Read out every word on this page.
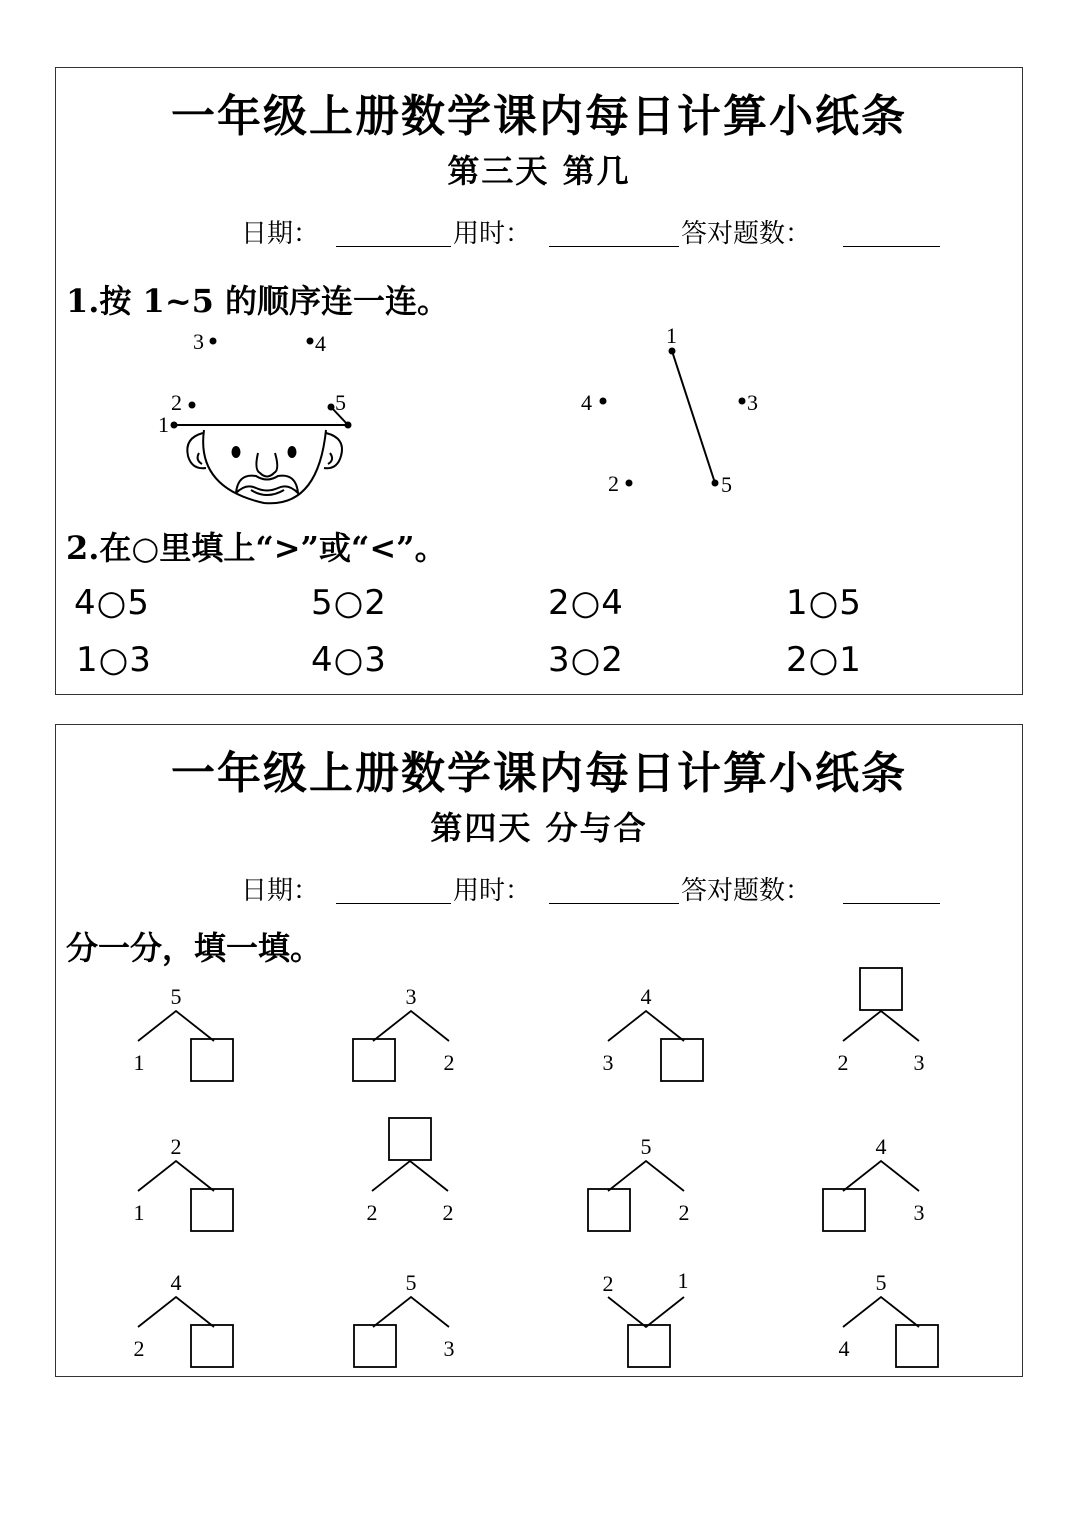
一年级上册数学课内每日计算小纸条
第三天 第几
日期：	用时：	答对题数：
1.按 1~5 的顺序连一连。
1
2
3	4
5
1
2
3
4
5
2.在○里填上“>”或“<”。
4○5	5○2	2○4	1○5
1○3	4○3	3○2	2○1
一年级上册数学课内每日计算小纸条
第四天 分与合
日期：	用时：	答对题数：
分一分，填一填。
5
1
3
2
4
3	2	3
2
1	2	2
5
2
4
3
4
2
5
3
2	1	5
4
